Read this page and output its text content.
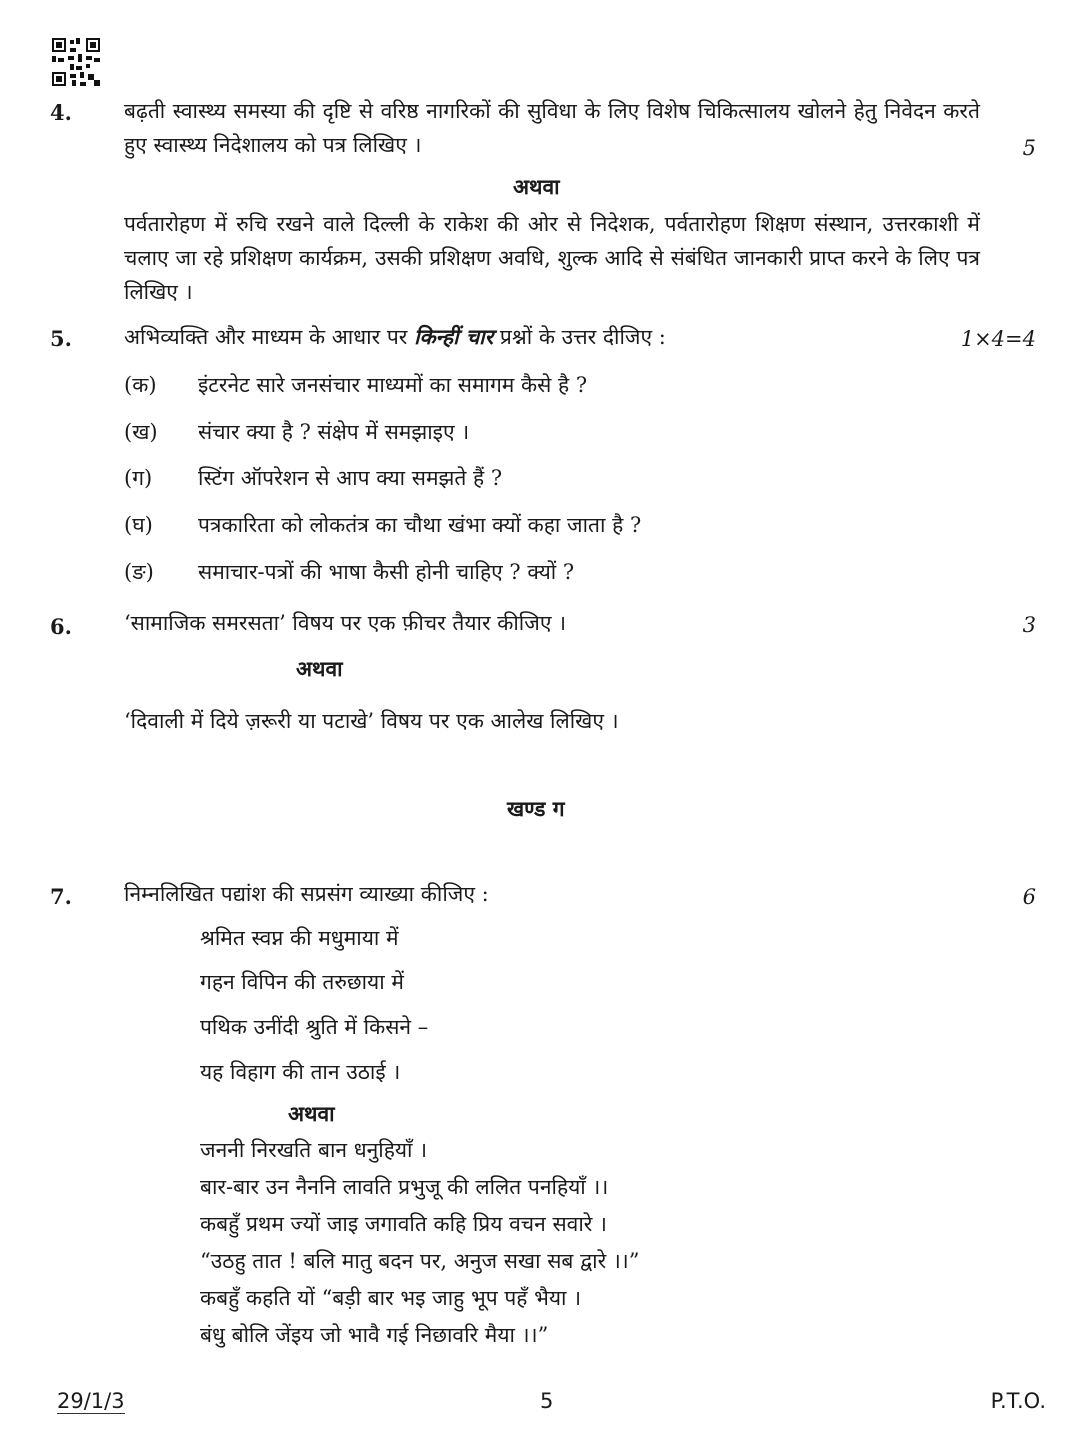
4. बढ़ती स्वास्थ्य समस्या की दृष्टि से वरिष्ठ नागरिकों की सुविधा के लिए विशेष चिकित्सालय खोलने हेतु निवेदन करते हुए स्वास्थ्य निदेशालय को पत्र लिखिए ।	5
अथवा
पर्वतारोहण में रुचि रखने वाले दिल्ली के राकेश की ओर से निदेशक, पर्वतारोहण शिक्षण संस्थान, उत्तरकाशी में चलाए जा रहे प्रशिक्षण कार्यक्रम, उसकी प्रशिक्षण अवधि, शुल्क आदि से संबंधित जानकारी प्राप्त करने के लिए पत्र लिखिए ।
5. अभिव्यक्ति और माध्यम के आधार पर किन्हीं चार प्रश्नों के उत्तर दीजिए :	1×4=4
(क) इंटरनेट सारे जनसंचार माध्यमों का समागम कैसे है ?
(ख) संचार क्या है ? संक्षेप में समझाइए ।
(ग) स्टिंग ऑपरेशन से आप क्या समझते हैं ?
(घ) पत्रकारिता को लोकतंत्र का चौथा खंभा क्यों कहा जाता है ?
(ङ) समाचार-पत्रों की भाषा कैसी होनी चाहिए ? क्यों ?
6. ‘सामाजिक समरसता’ विषय पर एक फ़ीचर तैयार कीजिए ।	3
अथवा
‘दिवाली में दिये ज़रूरी या पटाखे’ विषय पर एक आलेख लिखिए ।
खण्ड ग
7. निम्नलिखित पद्यांश की सप्रसंग व्याख्या कीजिए :	6
श्रमित स्वप्न की मधुमाया में
गहन विपिन की तरुछाया में
पथिक उनींदी श्रुति में किसने –
यह विहाग की तान उठाई ।
अथवा
जननी निरखति बान धनुहियाँ ।
बार-बार उन नैननि लावति प्रभुजू की ललित पनहियाँ ।।
कबहुँ प्रथम ज्यों जाइ जगावति कहि प्रिय वचन सवारे ।
“उठहु तात ! बलि मातु बदन पर, अनुज सखा सब द्वारे ।।”
कबहुँ कहति यों “बड़ी बार भइ जाहु भूप पहँ भैया ।
बंधु बोलि जेंइय जो भावै गई निछावरि मैया ।।”
29/1/3	5	P.T.O.
